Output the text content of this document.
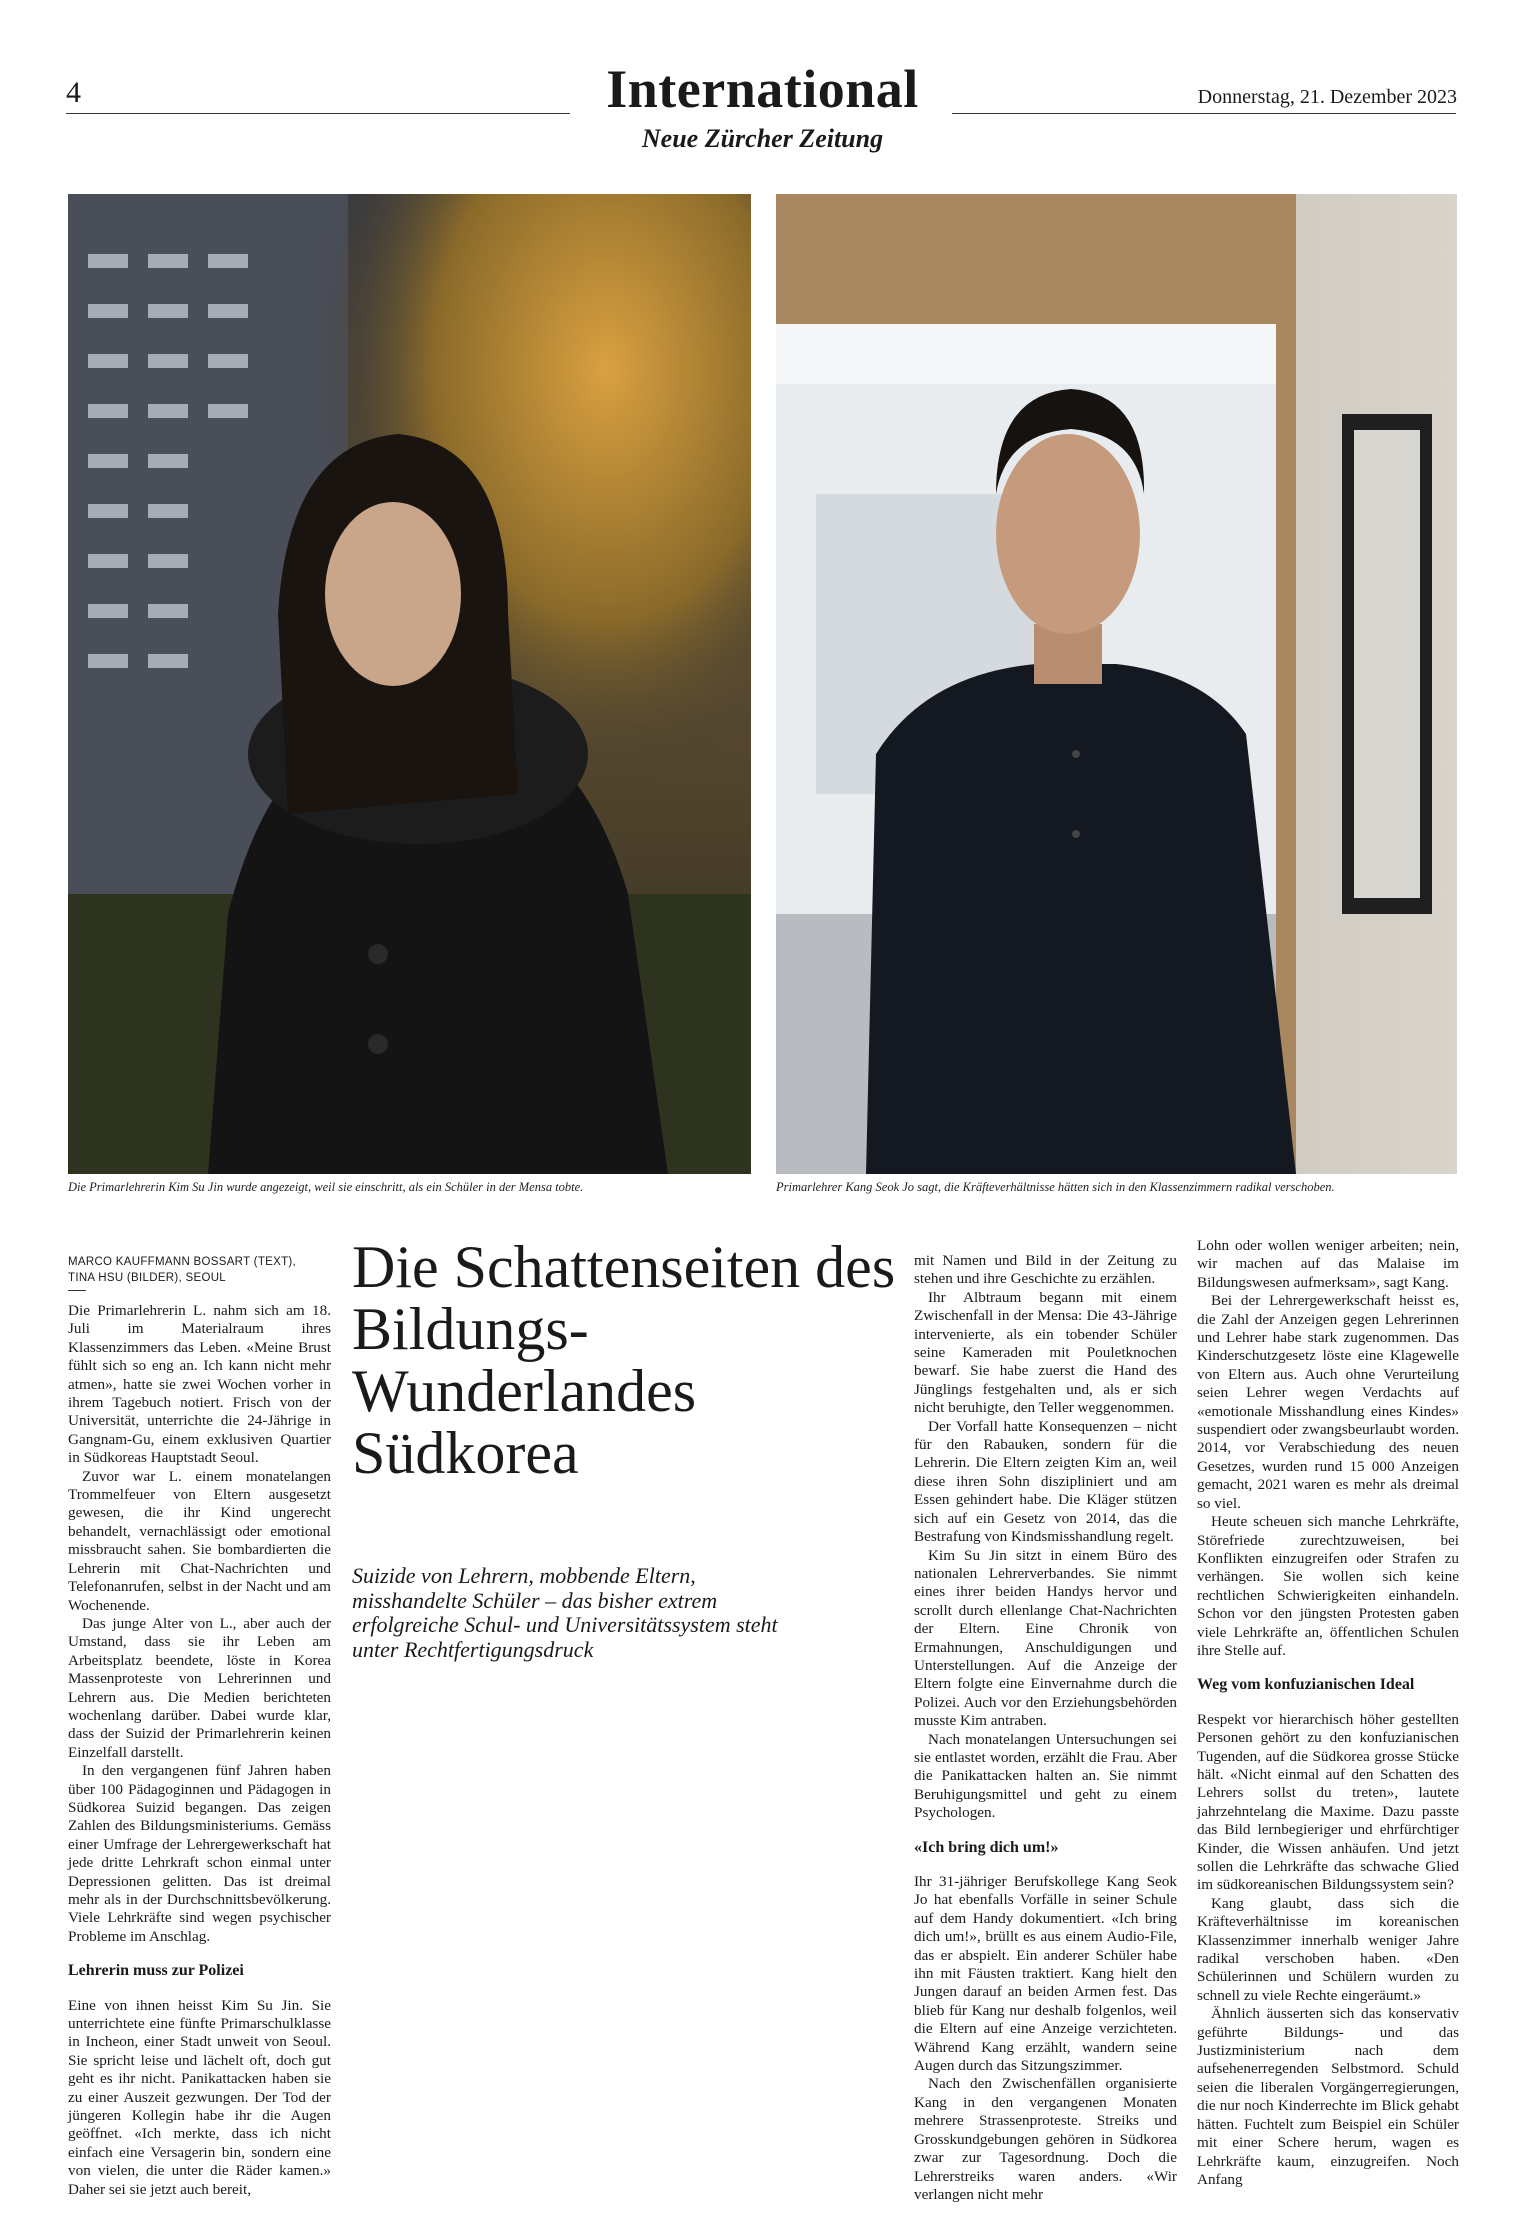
4	International
Neue Zürcher Zeitung
Donnerstag, 21. Dezember 2023
Die Primarlehrerin Kim Su Jin wurde angezeigt, weil sie einschritt, als ein Schüler in der Mensa tobte.	Primarlehrer Kang Seok Jo sagt, die Kräfteverhältnisse hätten sich in den Klassenzimmern radikal verschoben.
MARCO KAUFFMANN BOSSART (TEXT),
TINA HSU (BILDER), SEOUL

Die Primarlehrerin L. nahm sich am 18. Juli im Materialraum ihres Klassenzimmers das Leben. «Meine Brust fühlt sich so eng an. Ich kann nicht mehr atmen», hatte sie zwei Wochen vorher in ihrem Tagebuch notiert. Frisch von der Universität, unterrichte die 24-Jährige in Gangnam-Gu, einem exklusiven Quartier in Südkoreas Hauptstadt Seoul.

Zuvor war L. einem monatelangen Trommelfeuer von Eltern ausgesetzt gewesen, die ihr Kind ungerecht behandelt, vernachlässigt oder emotional missbraucht sahen. Sie bombardierten die Lehrerin mit Chat-Nachrichten und Telefonanrufen, selbst in der Nacht und am Wochenende.

Das junge Alter von L., aber auch der Umstand, dass sie ihr Leben am Arbeitsplatz beendete, löste in Korea Massenproteste von Lehrerinnen und Lehrern aus. Die Medien berichteten wochenlang darüber. Dabei wurde klar, dass der Suizid der Primarlehrerin keinen Einzelfall darstellt.

In den vergangenen fünf Jahren haben über 100 Pädagoginnen und Pädagogen in Südkorea Suizid begangen. Das zeigen Zahlen des Bildungsministeriums. Gemäss einer Umfrage der Lehrergewerkschaft hat jede dritte Lehrkraft schon einmal unter Depressionen gelitten. Das ist dreimal mehr als in der Durchschnittsbevölkerung. Viele Lehrkräfte sind wegen psychischer Probleme im Anschlag.

Lehrerin muss zur Polizei

Eine von ihnen heisst Kim Su Jin. Sie unterrichtete eine fünfte Primarschulklasse in Incheon, einer Stadt unweit von Seoul. Sie spricht leise und lächelt oft, doch gut geht es ihr nicht. Panikattacken haben sie zu einer Auszeit gezwungen. Der Tod der jüngeren Kollegin habe ihr die Augen geöffnet. «Ich merkte, dass ich nicht einfach eine Versagerin bin, sondern eine von vielen, die unter die Räder kamen.» Daher sei sie jetzt auch bereit,

Die Schattenseiten des Bildungs-Wunderlandes Südkorea
Suizide von Lehrern, mobbende Eltern, misshandelte Schüler – das bisher extrem erfolgreiche Schul- und Universitätssystem steht unter Rechtfertigungsdruck

mit Namen und Bild in der Zeitung zu stehen und ihre Geschichte zu erzählen.

Ihr Albtraum begann mit einem Zwischenfall in der Mensa: Die 43-Jährige intervenierte, als ein tobender Schüler seine Kameraden mit Pouletknochen bewarf. Sie habe zuerst die Hand des Jünglings festgehalten und, als er sich nicht beruhigte, den Teller weggenommen.

Der Vorfall hatte Konsequenzen – nicht für den Rabauken, sondern für die Lehrerin. Die Eltern zeigten Kim an, weil diese ihren Sohn diszipliniert und am Essen gehindert habe. Die Kläger stützen sich auf ein Gesetz von 2014, das die Bestrafung von Kindsmisshandlung regelt.

Kim Su Jin sitzt in einem Büro des nationalen Lehrerverbandes. Sie nimmt eines ihrer beiden Handys hervor und scrollt durch ellenlange Chat-Nachrichten der Eltern. Eine Chronik von Ermahnungen, Anschuldigungen und Unterstellungen. Auf die Anzeige der Eltern folgte eine Einvernahme durch die Polizei. Auch vor den Erziehungsbehörden musste Kim antraben.

Nach monatelangen Untersuchungen sei sie entlastet worden, erzählt die Frau. Aber die Panikattacken halten an. Sie nimmt Beruhigungsmittel und geht zu einem Psychologen.

«Ich bring dich um!»

Ihr 31-jähriger Berufskollege Kang Seok Jo hat ebenfalls Vorfälle in seiner Schule auf dem Handy dokumentiert. «Ich bring dich um!», brüllt es aus einem Audio-File, das er abspielt. Ein anderer Schüler habe ihn mit Fäusten traktiert. Kang hielt den Jungen darauf an beiden Armen fest. Das blieb für Kang nur deshalb folgenlos, weil die Eltern auf eine Anzeige verzichteten. Während Kang erzählt, wandern seine Augen durch das Sitzungszimmer.

Nach den Zwischenfällen organisierte Kang in den vergangenen Monaten mehrere Strassenproteste. Streiks und Grosskundgebungen gehören in Südkorea zwar zur Tagesordnung. Doch die Lehrerstreiks waren anders. «Wir verlangen nicht mehr

Lohn oder wollen weniger arbeiten; nein, wir machen auf das Malaise im Bildungswesen aufmerksam», sagt Kang.

Bei der Lehrergewerkschaft heisst es, die Zahl der Anzeigen gegen Lehrerinnen und Lehrer habe stark zugenommen. Das Kinderschutzgesetz löste eine Klagewelle von Eltern aus. Auch ohne Verurteilung seien Lehrer wegen Verdachts auf «emotionale Misshandlung eines Kindes» suspendiert oder zwangsbeurlaubt worden. 2014, vor Verabschiedung des neuen Gesetzes, wurden rund 15 000 Anzeigen gemacht, 2021 waren es mehr als dreimal so viel.

Heute scheuen sich manche Lehrkräfte, Störefriede zurechtzuweisen, bei Konflikten einzugreifen oder Strafen zu verhängen. Sie wollen sich keine rechtlichen Schwierigkeiten einhandeln. Schon vor den jüngsten Protesten gaben viele Lehrkräfte an, öffentlichen Schulen ihre Stelle auf.

Weg vom konfuzianischen Ideal

Respekt vor hierarchisch höher gestellten Personen gehört zu den konfuzianischen Tugenden, auf die Südkorea grosse Stücke hält. «Nicht einmal auf den Schatten des Lehrers sollst du treten», lautete jahrzehntelang die Maxime. Dazu passte das Bild lernbegieriger und ehrfürchtiger Kinder, die Wissen anhäufen. Und jetzt sollen die Lehrkräfte das schwache Glied im südkoreanischen Bildungssystem sein?

Kang glaubt, dass sich die Kräfteverhältnisse im koreanischen Klassenzimmer innerhalb weniger Jahre radikal verschoben haben. «Den Schülerinnen und Schülern wurden zu schnell zu viele Rechte eingeräumt.»

Ähnlich äusserten sich das konservativ geführte Bildungs- und das Justizministerium nach dem aufsehenerregenden Selbstmord. Schuld seien die liberalen Vorgängerregierungen, die nur noch Kinderrechte im Blick gehabt hätten. Fuchtelt zum Beispiel ein Schüler mit einer Schere herum, wagen es Lehrkräfte kaum, einzugreifen. Noch Anfang
